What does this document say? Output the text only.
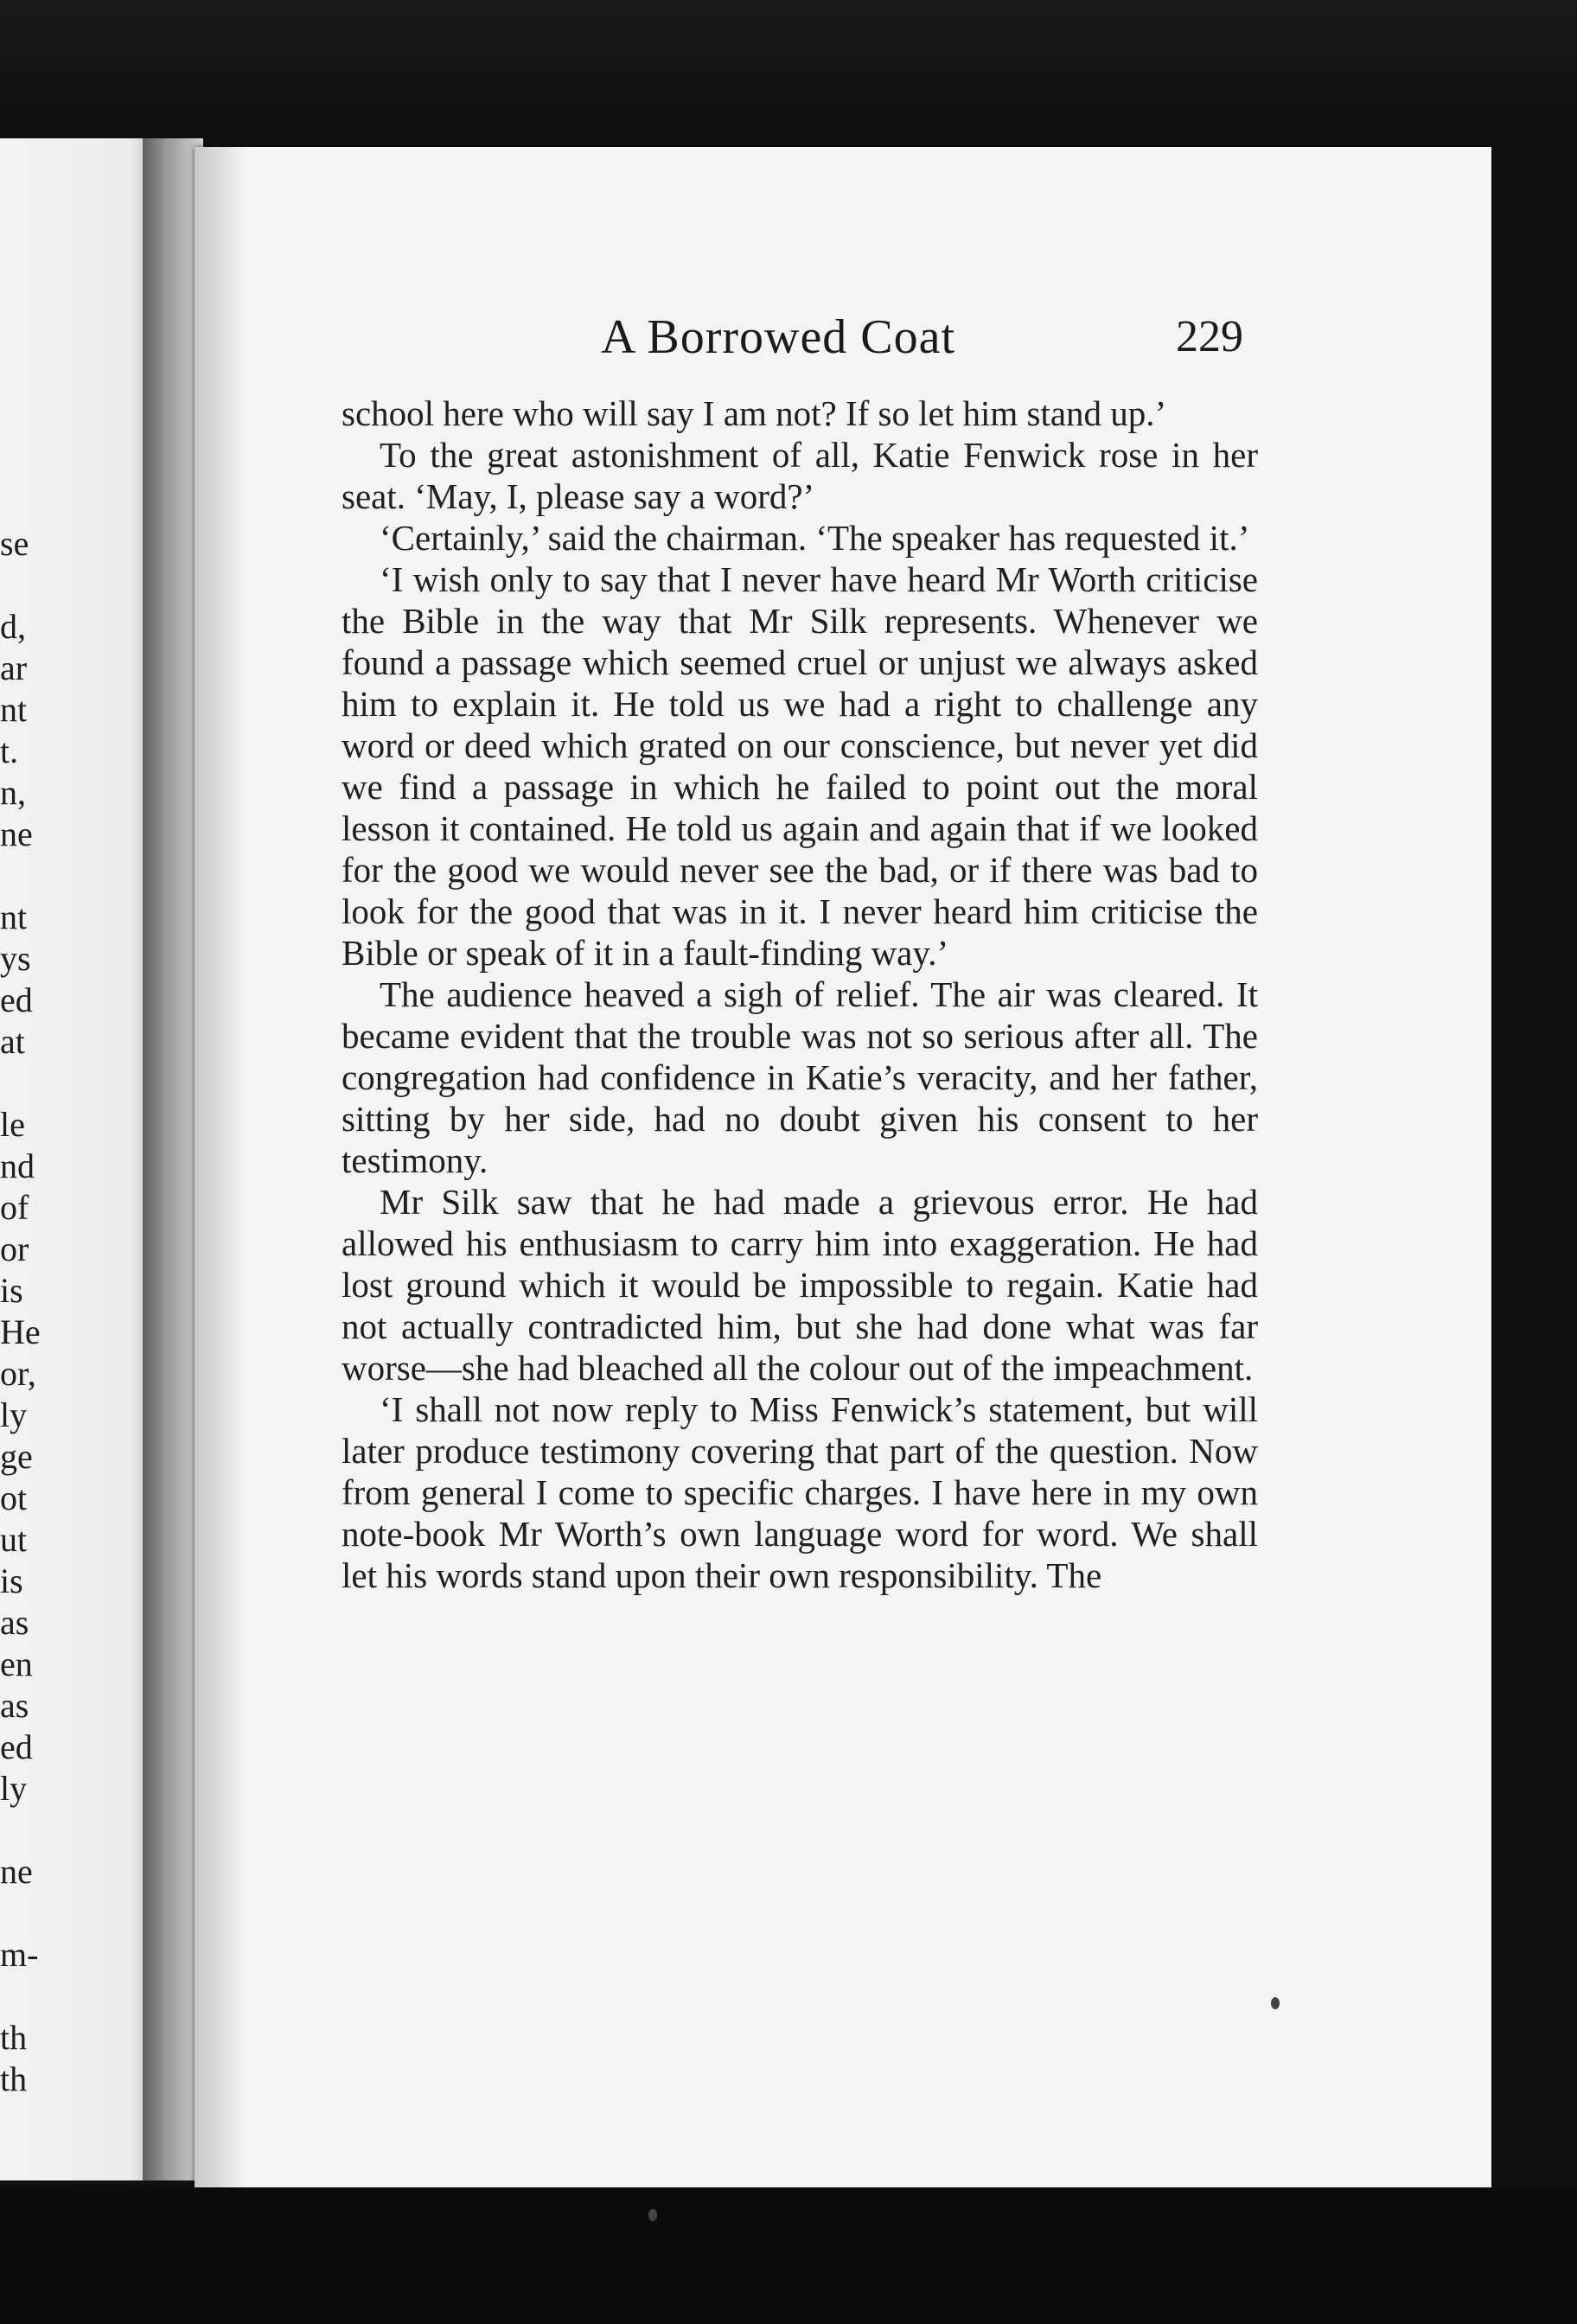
se
d,
ar
nt
t.
n,
ne
nt
ys
ed
at
le
nd
of
or
is
He
or,
ly
ge
ot
ut
is
as
en
as
ed
ly
ne
m-
th
th
A Borrowed Coat	229

school here who will say I am not? If so let him stand up.’

To the great astonishment of all, Katie Fenwick rose in her seat. ‘May, I, please say a word?’

‘Certainly,’ said the chairman. ‘The speaker has requested it.’

‘I wish only to say that I never have heard Mr Worth criticise the Bible in the way that Mr Silk represents. Whenever we found a passage which seemed cruel or unjust we always asked him to explain it. He told us we had a right to challenge any word or deed which grated on our conscience, but never yet did we find a passage in which he failed to point out the moral lesson it contained. He told us again and again that if we looked for the good we would never see the bad, or if there was bad to look for the good that was in it. I never heard him criticise the Bible or speak of it in a fault-finding way.’

The audience heaved a sigh of relief. The air was cleared. It became evident that the trouble was not so serious after all. The congregation had confidence in Katie’s veracity, and her father, sitting by her side, had no doubt given his consent to her testimony.

Mr Silk saw that he had made a grievous error. He had allowed his enthusiasm to carry him into exaggeration. He had lost ground which it would be impossible to regain. Katie had not actually contradicted him, but she had done what was far worse—she had bleached all the colour out of the impeachment.

‘I shall not now reply to Miss Fenwick’s statement, but will later produce testimony covering that part of the question. Now from general I come to specific charges. I have here in my own note-book Mr Worth’s own language word for word. We shall let his words stand upon their own responsibility. The
